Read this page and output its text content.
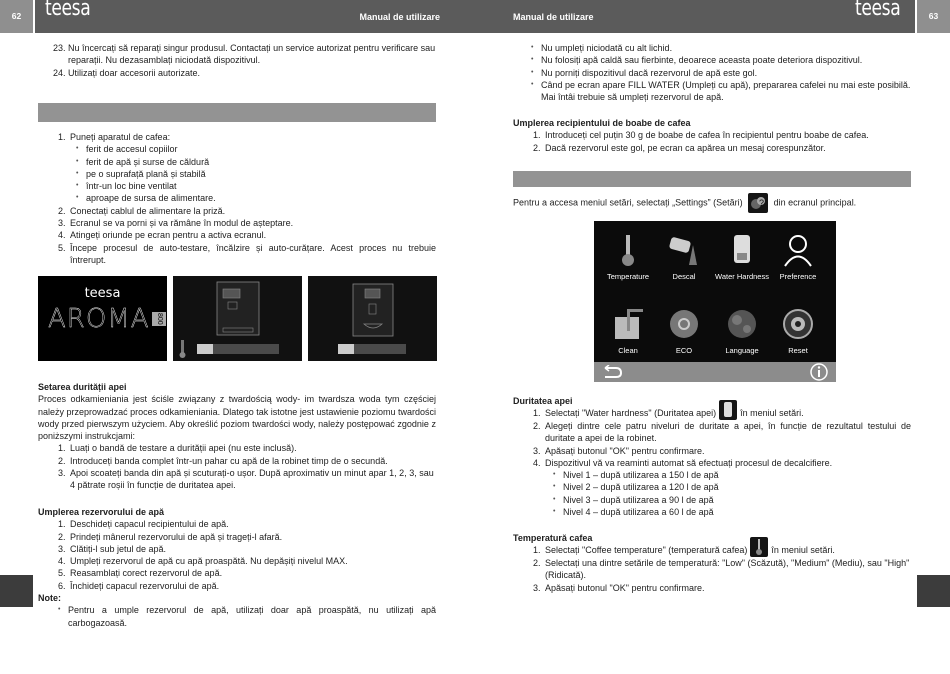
62	teesa	Manual de utilizare	Manual de utilizare	teesa	63
23. Nu încercați să reparați singur produsul. Contactați un service autorizat pentru verificare sau reparații. Nu dezasamblați niciodată dispozitivul.
24. Utilizați doar accesorii autorizate.
1. Puneți aparatul de cafea:
• ferit de accesul copiilor
• ferit de apă și surse de căldură
• pe o suprafață plană și stabilă
• într-un loc bine ventilat
• aproape de sursa de alimentare.
2. Conectați cablul de alimentare la priză.
3. Ecranul se va porni și va rămâne în modul de așteptare.
4. Atingeți oriunde pe ecran pentru a activa ecranul.
5. Începe procesul de auto-testare, încălzire și auto-curățare. Acest proces nu trebuie întrerupt.
teesa
AROMA 800
Setarea durității apei

Proces odkamieniania jest ściśle związany z twardością wody- im twardsza woda tym częściej należy przeprowadzać proces odkamieniania. Dlatego tak istotne jest ustawienie poziomu twardości wody przed pierwszym użyciem. Aby określić poziom twardości wody, należy postępować zgodnie z poniższymi instrukcjami:

1. Luați o bandă de testare a durității apei (nu este inclusă).
2. Introduceți banda complet într-un pahar cu apă de la robinet timp de o secundă.
3. Apoi scoateți banda din apă și scuturați-o ușor. După aproximativ un minut apar 1, 2, 3, sau 4 pătrate roșii în funcție de duritatea apei.
Umplerea rezervorului de apă
1. Deschideți capacul recipientului de apă.
2. Prindeți mânerul rezervorului de apă și trageți-l afară.
3. Clătiți-l sub jetul de apă.
4. Umpleți rezervorul de apă cu apă proaspătă. Nu depășiți nivelul MAX.
5. Reasamblați corect rezervorul de apă.
6. Închideți capacul rezervorului de apă.
Note:
• Pentru a umple rezervorul de apă, utilizați doar apă proaspătă, nu utilizați apă carbogazoasă.
• Nu umpleți niciodată cu alt lichid.
• Nu folosiți apă caldă sau fierbinte, deoarece aceasta poate deteriora dispozitivul.
• Nu porniți dispozitivul dacă rezervorul de apă este gol.
• Când pe ecran apare FILL WATER (Umpleți cu apă), prepararea cafelei nu mai este posibilă. Mai întâi trebuie să umpleți rezervorul de apă.
Umplerea recipientului de boabe de cafea
1. Introduceți cel puțin 30 g de boabe de cafea în recipientul pentru boabe de cafea.
2. Dacă rezervorul este gol, pe ecran ca apărea un mesaj corespunzător.
Pentru a accesa meniul setări, selectați „Settings” (Setări) ? din ecranul principal.
Temperature	Descal	Water Hardness	Preference
Clean	ECO	Language	Reset
Duritatea apei
1. Selectați "Water hardness" (Duritatea apei)	în meniul setări.
2. Alegeți dintre cele patru niveluri de duritate a apei, în funcție de rezultatul testului de duritate a apei de la robinet.
3. Apăsați butonul "OK" pentru confirmare.
4. Dispozitivul vă va reaminti automat să efectuați procesul de decalcifiere.
• Nivel 1 – după utilizarea a 150 l de apă
• Nivel 2 – după utilizarea a 120 l de apă
• Nivel 3 – după utilizarea a 90 l de apă
• Nivel 4 – după utilizarea a 60 l de apă
Temperatură cafea
1. Selectați "Coffee temperature" (temperatură cafea)	în meniul setări.
2. Selectați una dintre setările de temperatură: "Low" (Scăzută), "Medium" (Mediu), sau "High" (Ridicată).
3. Apăsați butonul "OK" pentru confirmare.
